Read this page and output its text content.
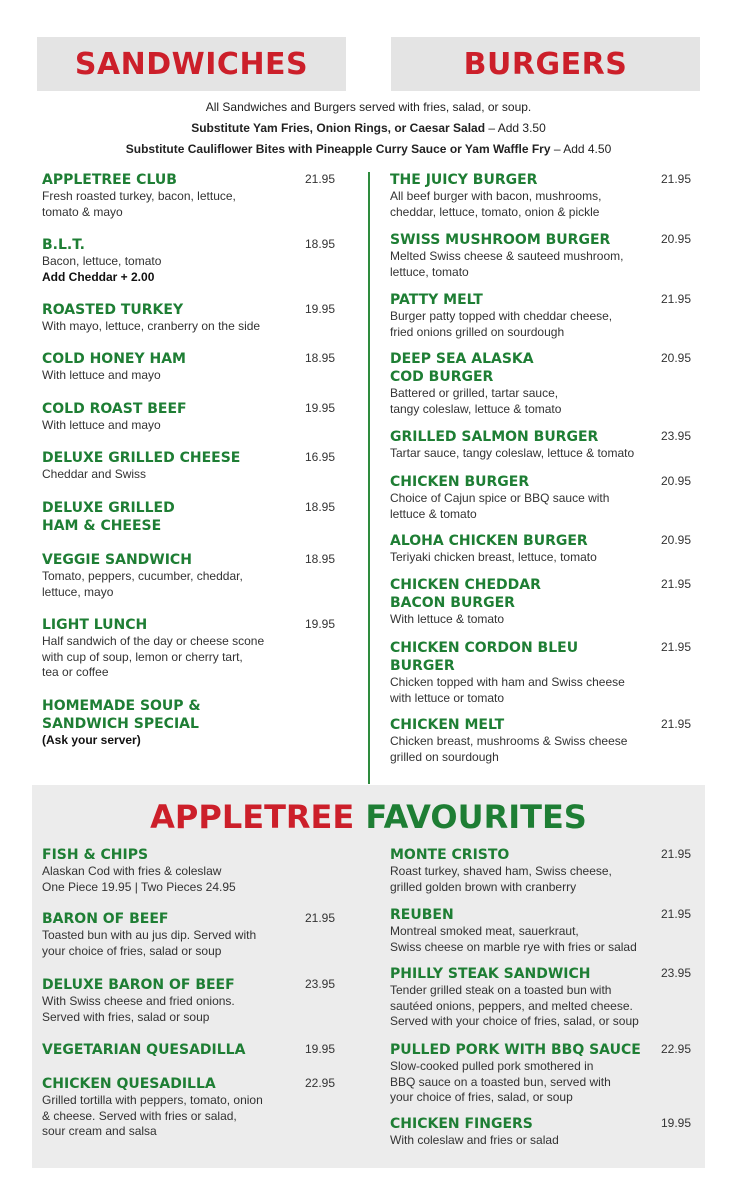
SANDWICHES	BURGERS
All Sandwiches and Burgers served with fries, salad, or soup.
Substitute Yam Fries, Onion Rings, or Caesar Salad – Add 3.50
Substitute Cauliflower Bites with Pineapple Curry Sauce or Yam Waffle Fry – Add 4.50
APPLETREE CLUB	21.95
Fresh roasted turkey, bacon, lettuce,
tomato & mayo
B.L.T.	18.95
Bacon, lettuce, tomato
Add Cheddar + 2.00
ROASTED TURKEY	19.95
With mayo, lettuce, cranberry on the side
COLD HONEY HAM	18.95
With lettuce and mayo
COLD ROAST BEEF	19.95
With lettuce and mayo
DELUXE GRILLED CHEESE	16.95
Cheddar and Swiss
DELUXE GRILLED
HAM & CHEESE
18.95
VEGGIE SANDWICH	18.95
Tomato, peppers, cucumber, cheddar,
lettuce, mayo
LIGHT LUNCH	19.95
Half sandwich of the day or cheese scone
with cup of soup, lemon or cherry tart,
tea or coffee
HOMEMADE SOUP &
SANDWICH SPECIAL
(Ask your server)
THE JUICY BURGER	21.95
All beef burger with bacon, mushrooms,
cheddar, lettuce, tomato, onion & pickle
SWISS MUSHROOM BURGER	20.95
Melted Swiss cheese & sauteed mushroom,
lettuce, tomato
PATTY MELT	21.95
Burger patty topped with cheddar cheese,
fried onions grilled on sourdough
DEEP SEA ALASKA
COD BURGER
20.95
Battered or grilled, tartar sauce,
tangy coleslaw, lettuce & tomato
GRILLED SALMON BURGER	23.95
Tartar sauce, tangy coleslaw, lettuce & tomato
CHICKEN BURGER	20.95
Choice of Cajun spice or BBQ sauce with
lettuce & tomato
ALOHA CHICKEN BURGER	20.95
Teriyaki chicken breast, lettuce, tomato
CHICKEN CHEDDAR
BACON BURGER
21.95
With lettuce & tomato
CHICKEN CORDON BLEU
BURGER
21.95
Chicken topped with ham and Swiss cheese
with lettuce or tomato
CHICKEN MELT	21.95
Chicken breast, mushrooms & Swiss cheese
grilled on sourdough
APPLETREE FAVOURITES
FISH & CHIPS
Alaskan Cod with fries & coleslaw
One Piece 19.95 | Two Pieces 24.95
BARON OF BEEF	21.95
Toasted bun with au jus dip. Served with
your choice of fries, salad or soup
DELUXE BARON OF BEEF	23.95
With Swiss cheese and fried onions.
Served with fries, salad or soup
VEGETARIAN QUESADILLA	19.95
CHICKEN QUESADILLA	22.95
Grilled tortilla with peppers, tomato, onion
& cheese. Served with fries or salad,
sour cream and salsa
MONTE CRISTO	21.95
Roast turkey, shaved ham, Swiss cheese,
grilled golden brown with cranberry
REUBEN	21.95
Montreal smoked meat, sauerkraut,
Swiss cheese on marble rye with fries or salad
PHILLY STEAK SANDWICH	23.95
Tender grilled steak on a toasted bun with
sautéed onions, peppers, and melted cheese.
Served with your choice of fries, salad, or soup
PULLED PORK WITH BBQ SAUCE	22.95
Slow-cooked pulled pork smothered in
BBQ sauce on a toasted bun, served with
your choice of fries, salad, or soup
CHICKEN FINGERS	19.95
With coleslaw and fries or salad
